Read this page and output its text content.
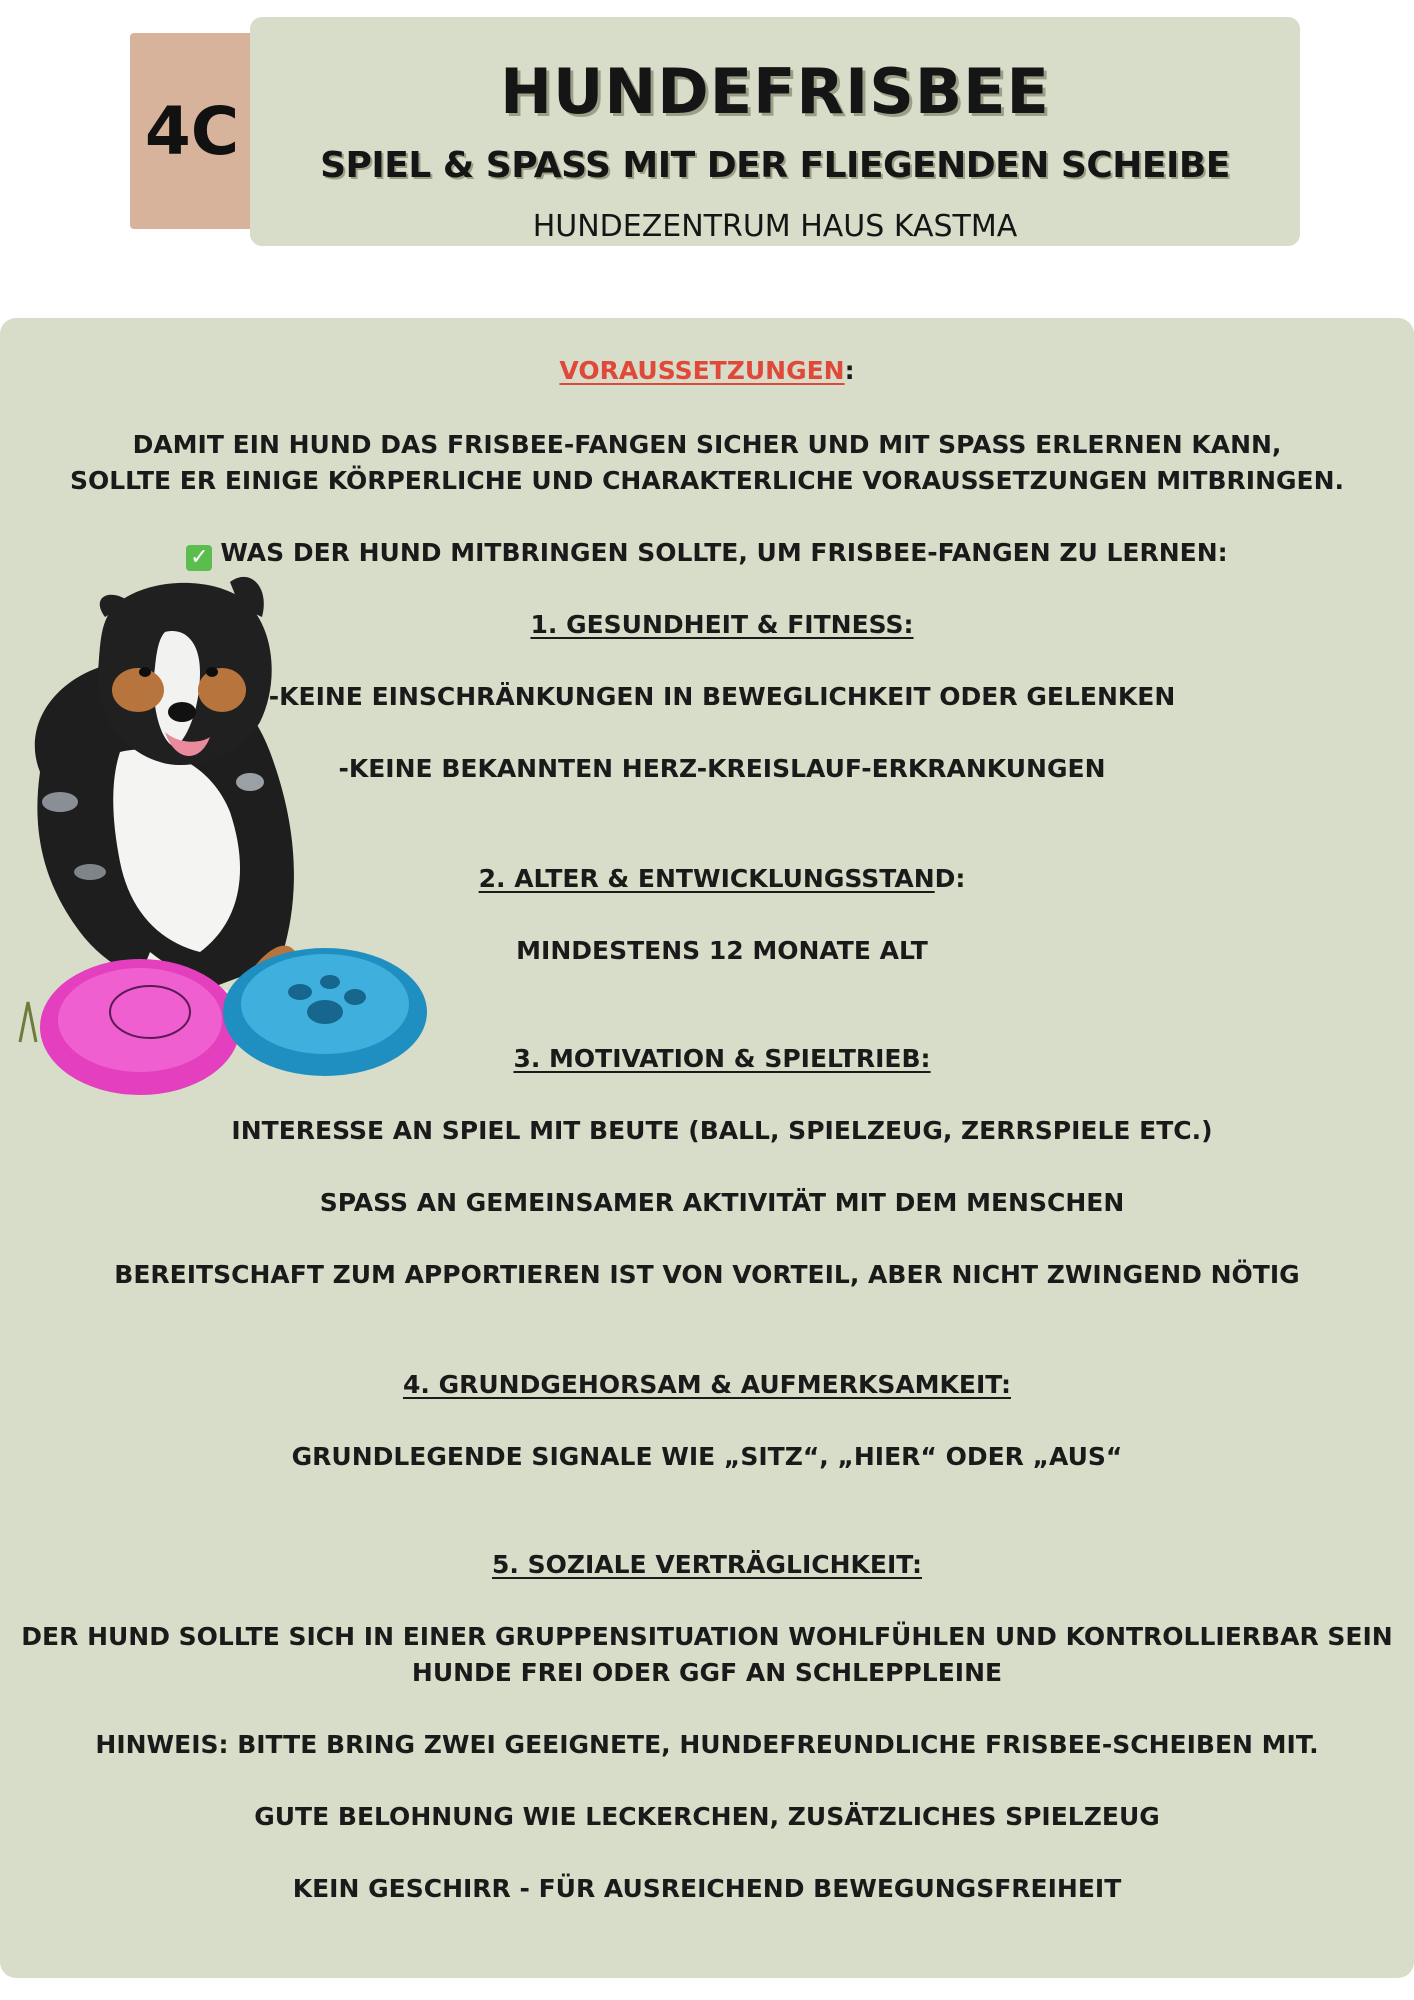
4C
HUNDEFRISBEE
SPIEL & SPASS MIT DER FLIEGENDEN SCHEIBE
HUNDEZENTRUM HAUS KASTMA
VORAUSSETZUNGEN:
DAMIT EIN HUND DAS FRISBEE-FANGEN SICHER UND MIT SPASS ERLERNEN KANN,
SOLLTE ER EINIGE KÖRPERLICHE UND CHARAKTERLICHE VORAUSSETZUNGEN MITBRINGEN.
✓ WAS DER HUND MITBRINGEN SOLLTE, UM FRISBEE-FANGEN ZU LERNEN:
1. GESUNDHEIT & FITNESS:
-KEINE EINSCHRÄNKUNGEN IN BEWEGLICHKEIT ODER GELENKEN
-KEINE BEKANNTEN HERZ-KREISLAUF-ERKRANKUNGEN
2. ALTER & ENTWICKLUNGSSTAND:
MINDESTENS 12 MONATE ALT
3. MOTIVATION & SPIELTRIEB:
INTERESSE AN SPIEL MIT BEUTE (BALL, SPIELZEUG, ZERRSPIELE ETC.)
SPASS AN GEMEINSAMER AKTIVITÄT MIT DEM MENSCHEN
BEREITSCHAFT ZUM APPORTIEREN IST VON VORTEIL, ABER NICHT ZWINGEND NÖTIG
4. GRUNDGEHORSAM & AUFMERKSAMKEIT:
GRUNDLEGENDE SIGNALE WIE „SITZ“, „HIER“ ODER „AUS“
5. SOZIALE VERTRÄGLICHKEIT:
DER HUND SOLLTE SICH IN EINER GRUPPENSITUATION WOHLFÜHLEN UND KONTROLLIERBAR SEIN
HUNDE FREI ODER GGF AN SCHLEPPLEINE
HINWEIS: BITTE BRING ZWEI GEEIGNETE, HUNDEFREUNDLICHE FRISBEE-SCHEIBEN MIT.
GUTE BELOHNUNG WIE LECKERCHEN, ZUSÄTZLICHES SPIELZEUG
KEIN GESCHIRR - FÜR AUSREICHEND BEWEGUNGSFREIHEIT
